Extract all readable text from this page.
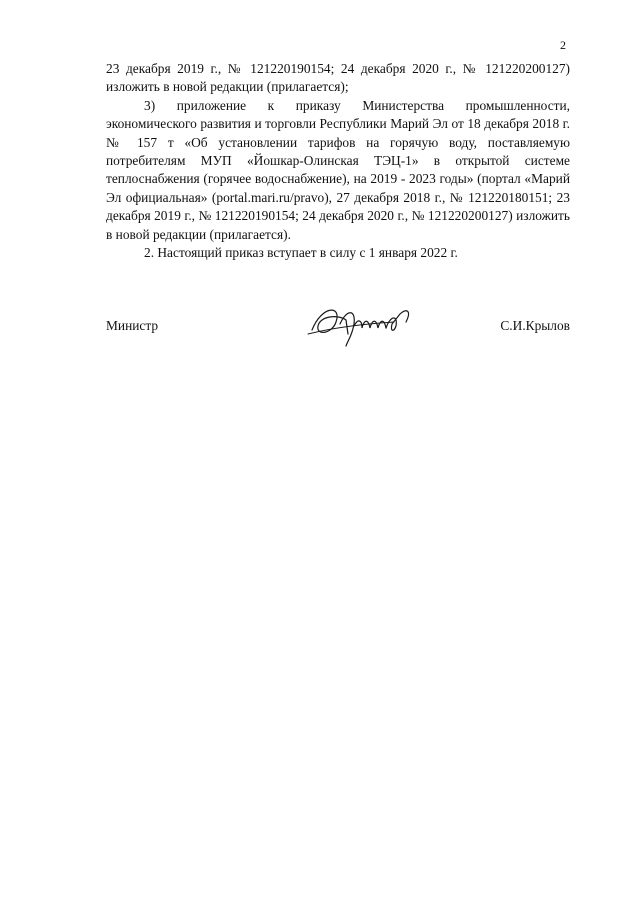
2

23 декабря 2019 г., № 121220190154; 24 декабря 2020 г., № 121220200127) изложить в новой редакции (прилагается);

3) приложение к приказу Министерства промышленности, экономического развития и торговли Республики Марий Эл от 18 декабря 2018 г. № 157 т «Об установлении тарифов на горячую воду, поставляемую потребителям МУП «Йошкар-Олинская ТЭЦ-1» в открытой системе теплоснабжения (горячее водоснабжение), на 2019 - 2023 годы» (портал «Марий Эл официальная» (portal.mari.ru/pravo), 27 декабря 2018 г., № 121220180151; 23 декабря 2019 г., № 121220190154; 24 декабря 2020 г., № 121220200127) изложить в новой редакции (прилагается).

2. Настоящий приказ вступает в силу с 1 января 2022 г.

Министр	С.И.Крылов
